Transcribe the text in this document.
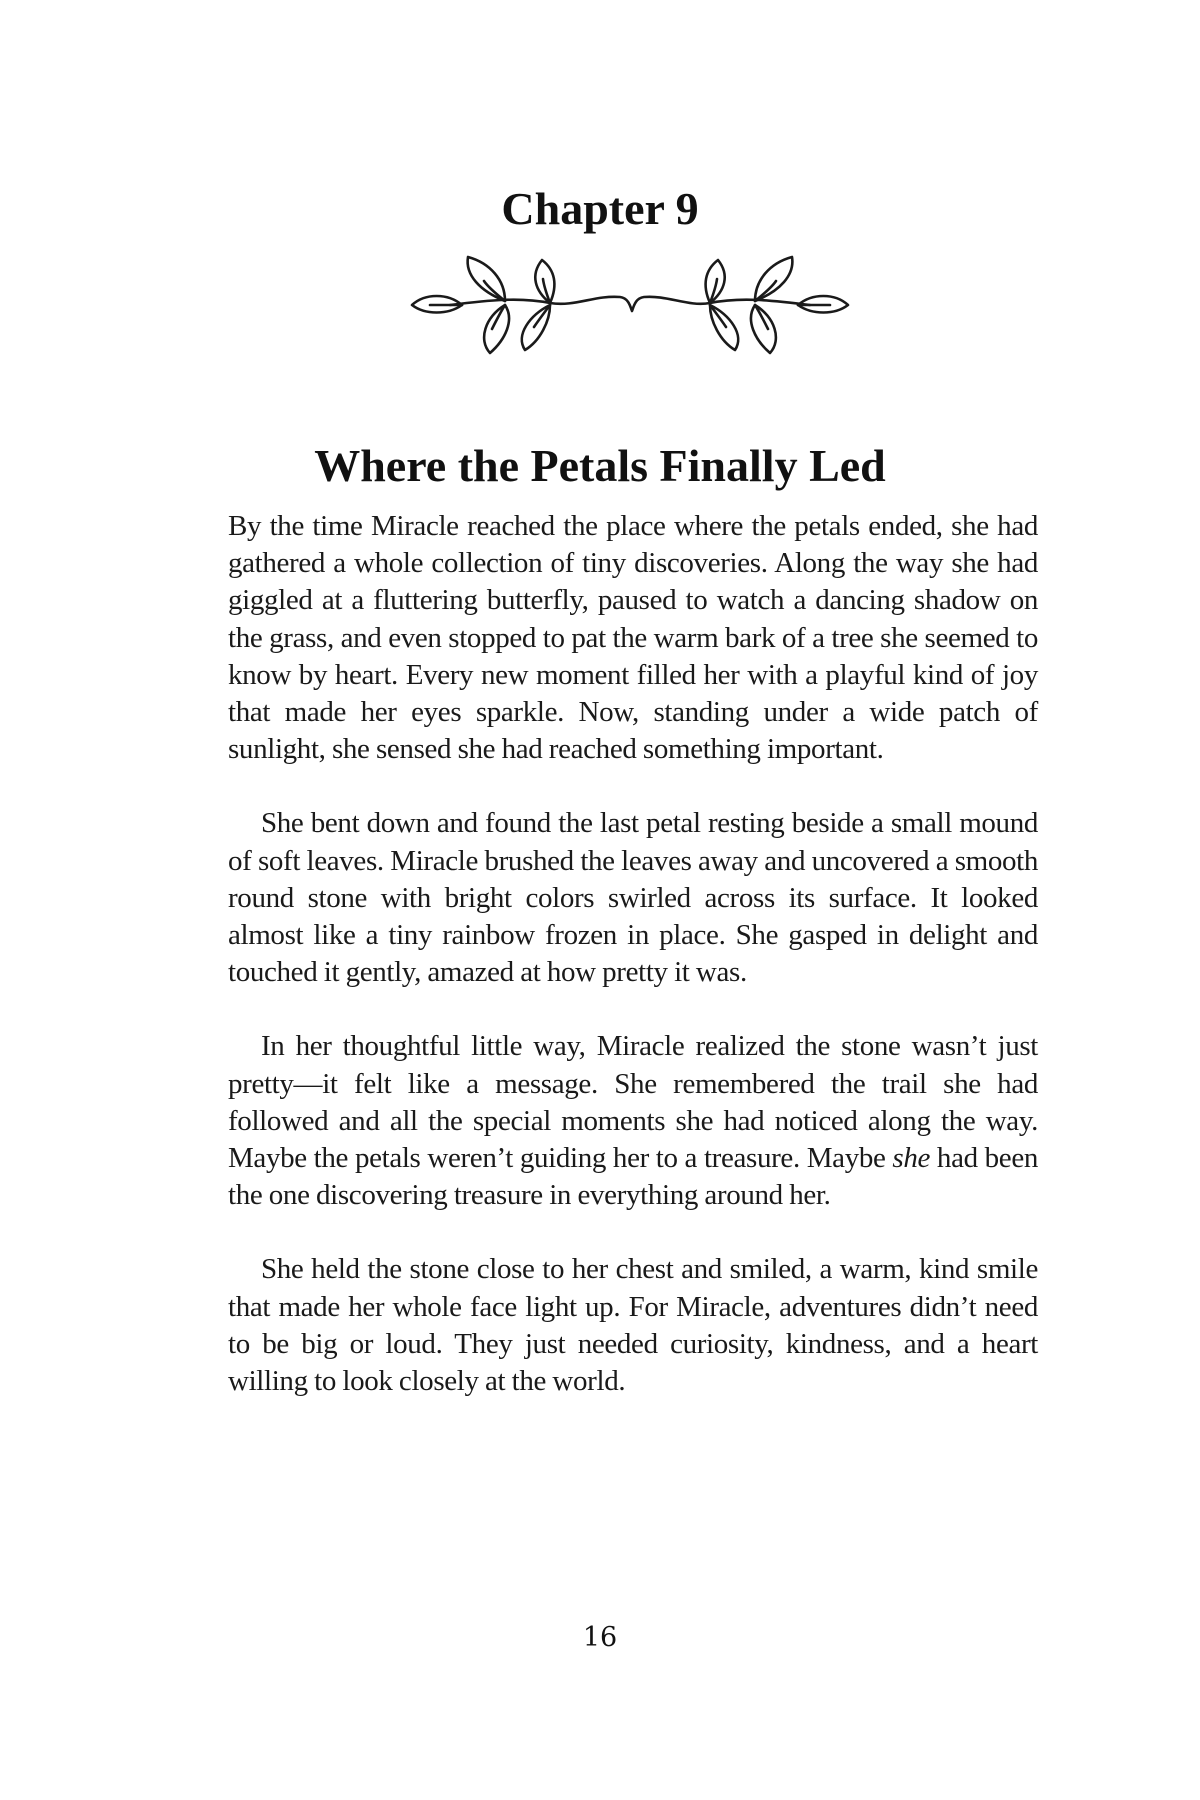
Chapter 9
Where the Petals Finally Led

By the time Miracle reached the place where the petals ended, she had gathered a whole collection of tiny discoveries. Along the way she had giggled at a fluttering butterfly, paused to watch a dancing shadow on the grass, and even stopped to pat the warm bark of a tree she seemed to know by heart. Every new moment filled her with a playful kind of joy that made her eyes sparkle. Now, standing under a wide patch of sunlight, she sensed she had reached something important.

She bent down and found the last petal resting beside a small mound of soft leaves. Miracle brushed the leaves away and uncovered a smooth round stone with bright colors swirled across its surface. It looked almost like a tiny rainbow frozen in place. She gasped in delight and touched it gently, amazed at how pretty it was.

In her thoughtful little way, Miracle realized the stone wasn’t just pretty—it felt like a message. She remembered the trail she had followed and all the special moments she had noticed along the way. Maybe the petals weren’t guiding her to a treasure. Maybe she had been the one discovering treasure in everything around her.

She held the stone close to her chest and smiled, a warm, kind smile that made her whole face light up. For Miracle, adventures didn’t need to be big or loud. They just needed curiosity, kindness, and a heart willing to look closely at the world.

16
